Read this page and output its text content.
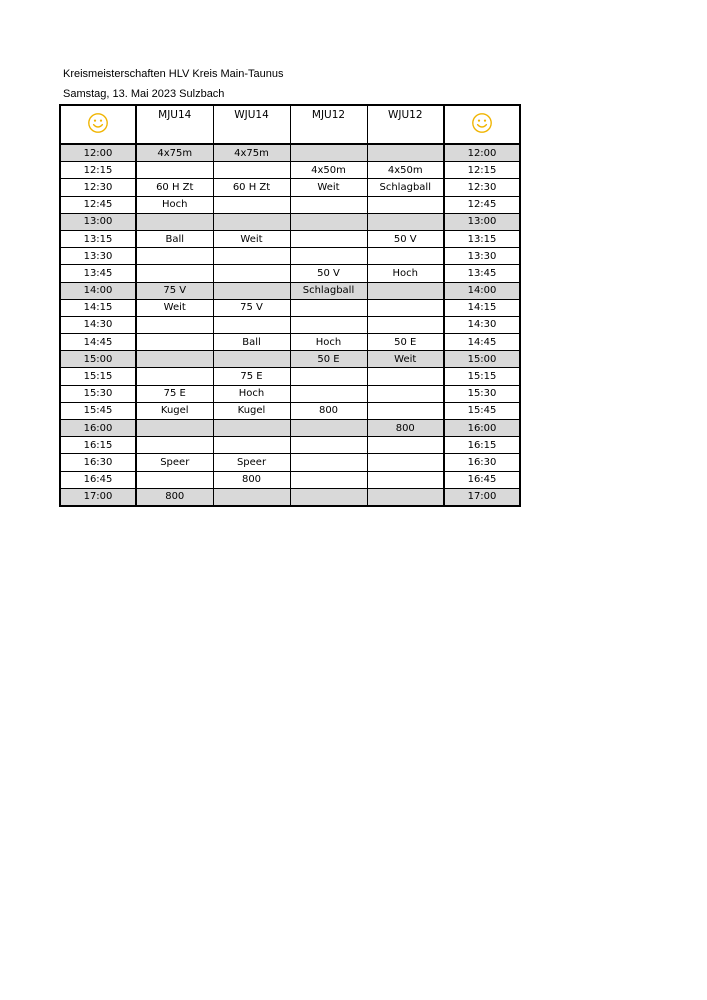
Kreismeisterschaften HLV Kreis Main-Taunus
Samstag, 13. Mai 2023 Sulzbach
	MJU14	WJU14	MJU12	WJU12	
12:00	4x75m	4x75m			12:00
12:15			4x50m	4x50m	12:15
12:30	60 H Zt	60 H Zt	Weit	Schlagball	12:30
12:45	Hoch				12:45
13:00					13:00
13:15	Ball	Weit		50 V	13:15
13:30					13:30
13:45			50 V	Hoch	13:45
14:00	75 V		Schlagball		14:00
14:15	Weit	75 V			14:15
14:30					14:30
14:45		Ball	Hoch	50 E	14:45
15:00			50 E	Weit	15:00
15:15		75 E			15:15
15:30	75 E	Hoch			15:30
15:45	Kugel	Kugel	800		15:45
16:00				800	16:00
16:15					16:15
16:30	Speer	Speer			16:30
16:45		800			16:45
17:00	800				17:00
